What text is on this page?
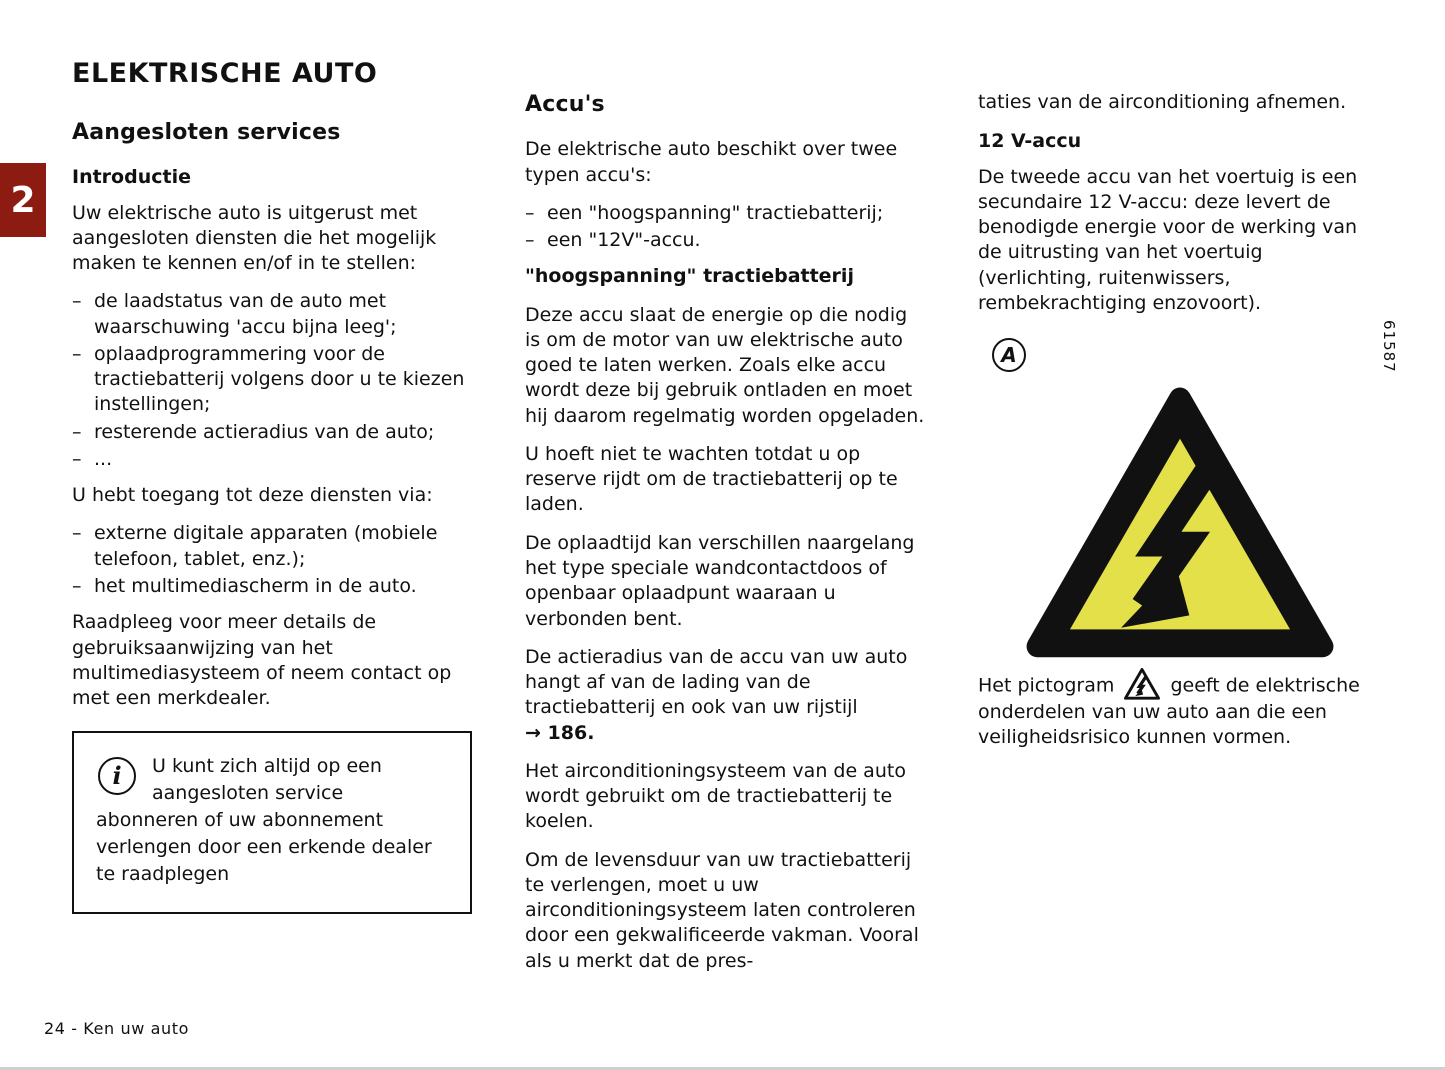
ELEKTRISCHE AUTO
2
Aangesloten services
Introductie

Uw elektrische auto is uitgerust met aangesloten diensten die het mogelijk maken te kennen en/of in te stellen:

– de laadstatus van de auto met waarschuwing 'accu bijna leeg';
– oplaadprogrammering voor de tractiebatterij volgens door u te kiezen instellingen;
– resterende actieradius van de auto;
– ...

U hebt toegang tot deze diensten via:

– externe digitale apparaten (mobiele telefoon, tablet, enz.);
– het multimediascherm in de auto.

Raadpleeg voor meer details de gebruiksaanwijzing van het multimediasysteem of neem contact op met een merkdealer.

i U kunt zich altijd op een aangesloten service abonneren of uw abonnement verlengen door een erkende dealer te raadplegen
Accu's

De elektrische auto beschikt over twee typen accu's:

– een "hoogspanning" tractiebatterij;
– een "12V"-accu.

"hoogspanning" tractiebatterij

Deze accu slaat de energie op die nodig is om de motor van uw elektrische auto goed te laten werken. Zoals elke accu wordt deze bij gebruik ontladen en moet hij daarom regelmatig worden opgeladen.

U hoeft niet te wachten totdat u op reserve rijdt om de tractiebatterij op te laden.

De oplaadtijd kan verschillen naargelang het type speciale wandcontactdoos of openbaar oplaadpunt waaraan u verbonden bent.

De actieradius van de accu van uw auto hangt af van de lading van de tractiebatterij en ook van uw rijstijl → 186.

Het airconditioningsysteem van de auto wordt gebruikt om de tractiebatterij te koelen.

Om de levensduur van uw tractiebatterij te verlengen, moet u uw airconditioningsysteem laten controleren door een gekwalificeerde vakman. Vooral als u merkt dat de pres-

taties van de airconditioning afnemen.

12 V-accu

De tweede accu van het voertuig is een secundaire 12 V-accu: deze levert de benodigde energie voor de werking van de uitrusting van het voertuig (verlichting, ruitenwissers, rembekrachtiging enzovoort).

A	61587

Het pictogram	geeft de elektrische onderdelen van uw auto aan die een veiligheidsrisico kunnen vormen.

24 - Ken uw auto
